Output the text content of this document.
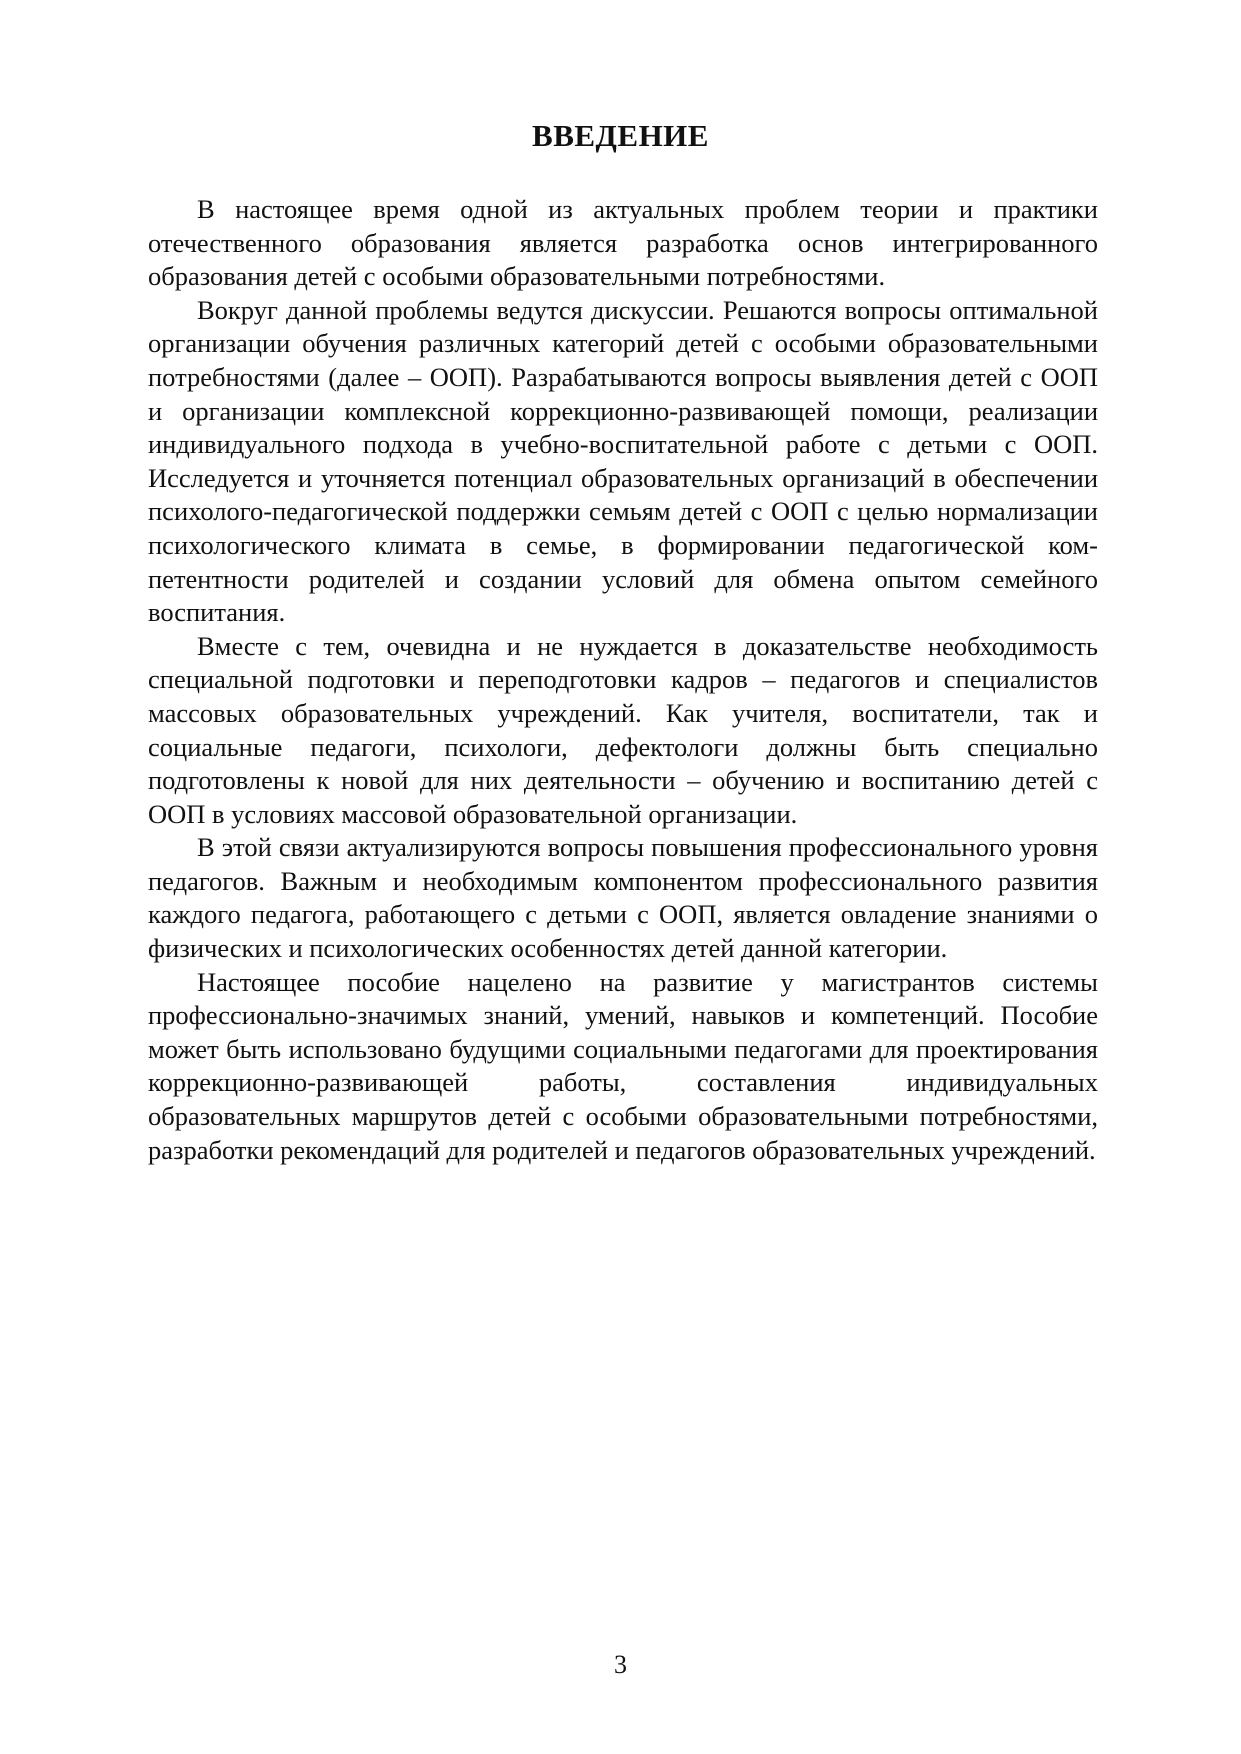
ВВЕДЕНИЕ

В настоящее время одной из актуальных проблем теории и практики отечественного образования является разработка основ интегрированного образования детей с особыми образовательными потребностями.

Вокруг данной проблемы ведутся дискуссии. Решаются вопросы оптимальной организации обучения различных категорий детей с особыми образовательными потребностями (далее – ООП). Разрабатываются вопросы выявления детей с ООП и организации комплексной коррекционно-развивающей помощи, реализации индивидуального подхода в учебно-воспитательной работе с детьми с ООП. Исследуется и уточняется потенциал образовательных организаций в обеспечении психолого-педагогической поддержки семьям детей с ООП с целью нормализации психологического климата в семье, в формировании педагогической компетентности родителей и создании условий для обмена опытом семейного воспитания.

Вместе с тем, очевидна и не нуждается в доказательстве необходимость специальной подготовки и переподготовки кадров – педагогов и специалистов массовых образовательных учреждений. Как учителя, воспитатели, так и социальные педагоги, психологи, дефектологи должны быть специально подготовлены к новой для них деятельности – обучению и воспитанию детей с ООП в условиях массовой образовательной организации.

В этой связи актуализируются вопросы повышения профессионального уровня педагогов. Важным и необходимым компонентом профессионального развития каждого педагога, работающего с детьми с ООП, является овладение знаниями о физических и психологических особенностях детей данной категории.

Настоящее пособие нацелено на развитие у магистрантов системы профессионально-значимых знаний, умений, навыков и компетенций. Пособие может быть использовано будущими социальными педагогами для проектирования коррекционно-развивающей работы, составления индивидуальных образовательных маршрутов детей с особыми образовательными потребностями, разработки рекомендаций для родителей и педагогов образовательных учреждений.

3
